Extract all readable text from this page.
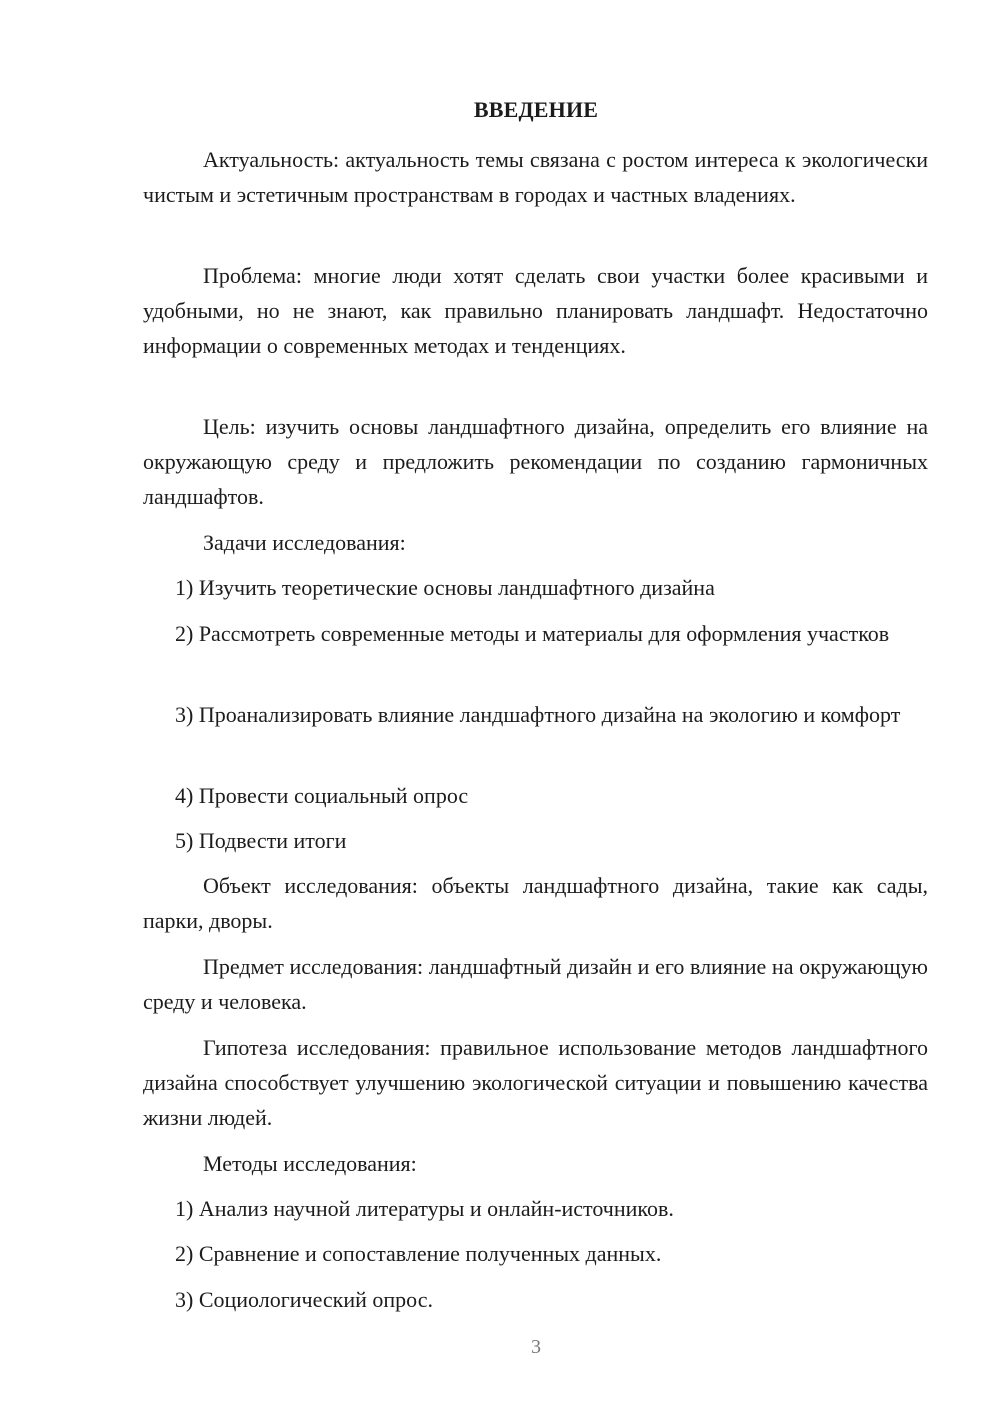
ВВЕДЕНИЕ

Актуальность: актуальность темы связана с ростом интереса к экологически чистым и эстетичным пространствам в городах и частных владениях.

Проблема: многие люди хотят сделать свои участки более красивыми и удобными, но не знают, как правильно планировать ландшафт. Недостаточно информации о современных методах и тенденциях.

Цель: изучить основы ландшафтного дизайна, определить его влияние на окружающую среду и предложить рекомендации по созданию гармоничных ландшафтов.

Задачи исследования:

1) Изучить теоретические основы ландшафтного дизайна

2) Рассмотреть современные методы и материалы для оформления участков

3) Проанализировать влияние ландшафтного дизайна на экологию и комфорт

4) Провести социальный опрос

5) Подвести итоги

Объект исследования: объекты ландшафтного дизайна, такие как сады, парки, дворы.

Предмет исследования: ландшафтный дизайн и его влияние на окружающую среду и человека.

Гипотеза исследования: правильное использование методов ландшафтного дизайна способствует улучшению экологической ситуации и повышению качества жизни людей.

Методы исследования:

1) Анализ научной литературы и онлайн-источников.

2) Сравнение и сопоставление полученных данных.

3) Социологический опрос.

3
